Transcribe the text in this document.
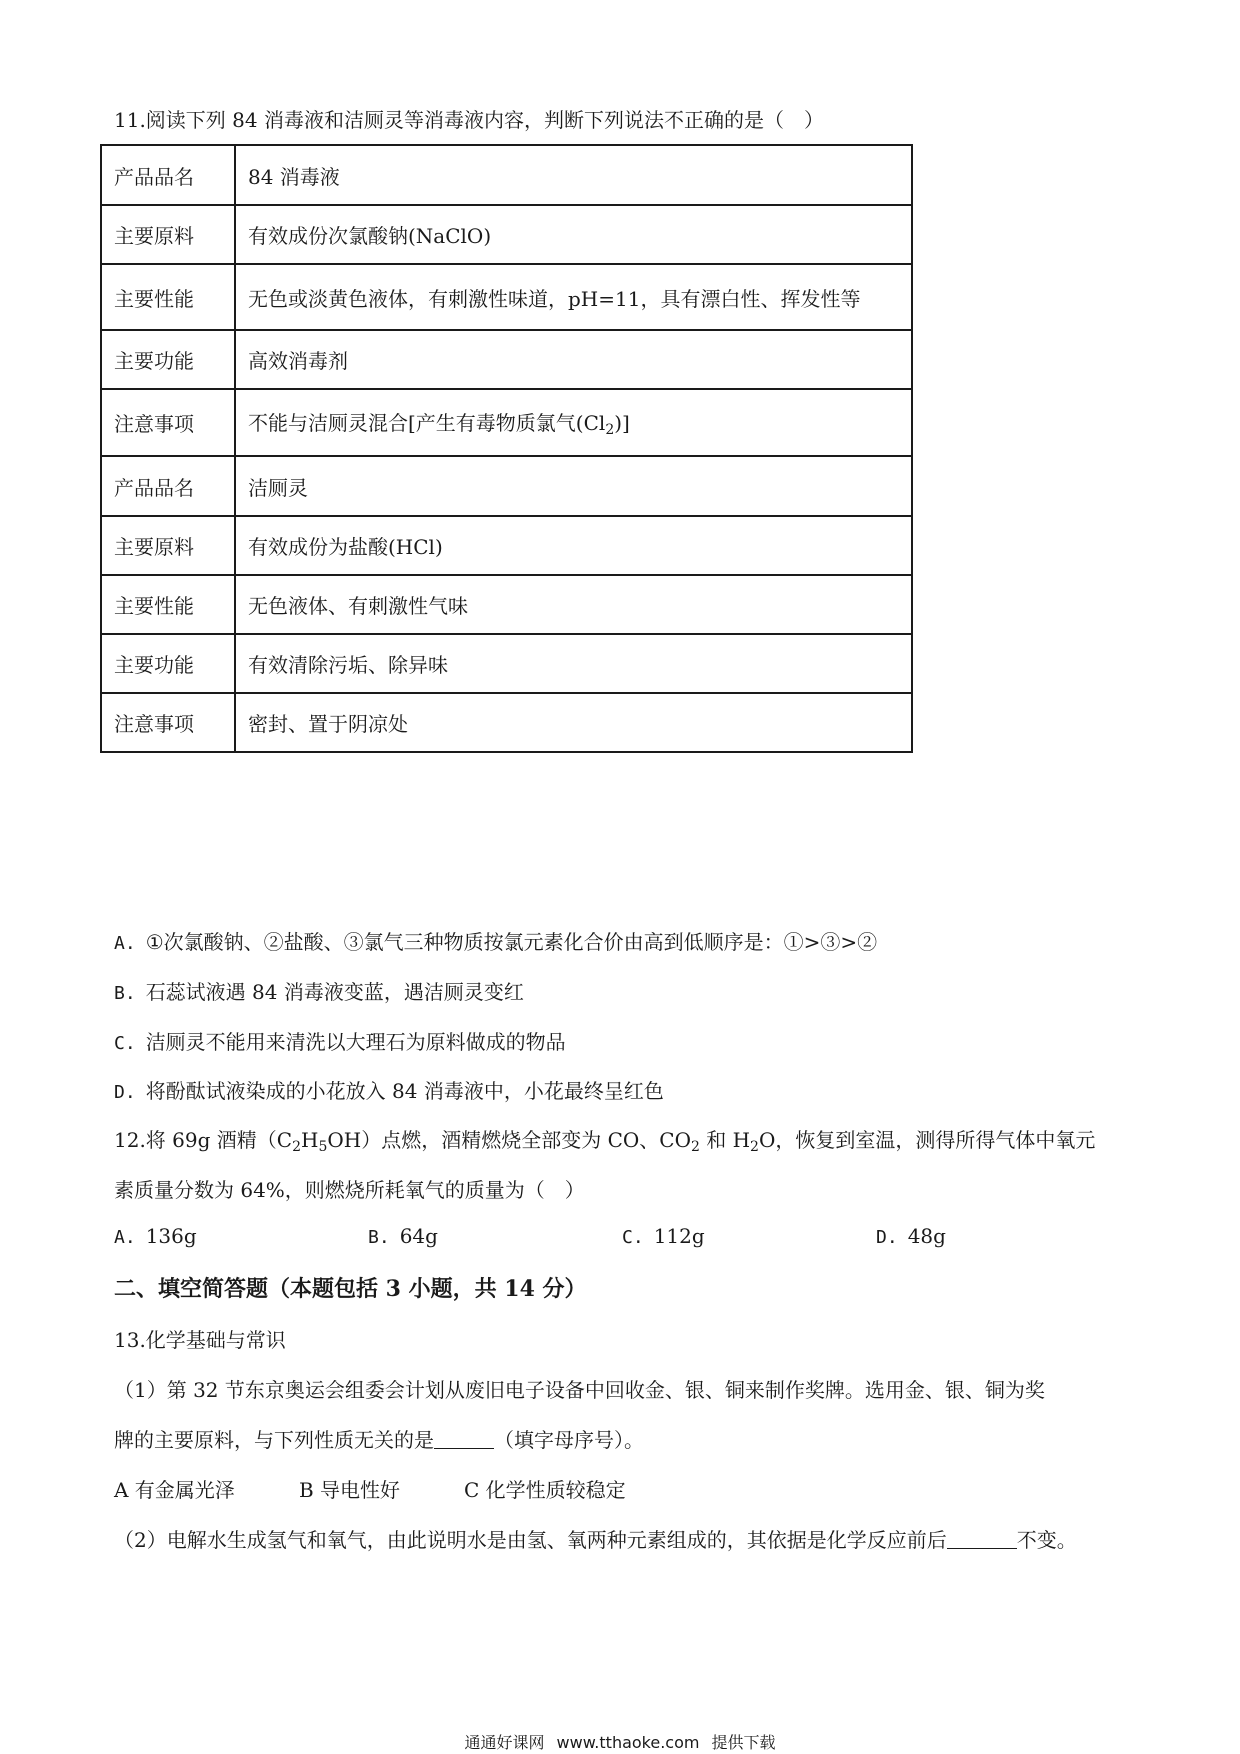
11.阅读下列 84 消毒液和洁厕灵等消毒液内容，判断下列说法不正确的是（　）
产品品名	84 消毒液
主要原料	有效成份次氯酸钠(NaClO)
主要性能	无色或淡黄色液体，有刺激性味道，pH=11，具有漂白性、挥发性等
主要功能	高效消毒剂
注意事项	不能与洁厕灵混合[产生有毒物质氯气$(Cl_2)$]
产品品名	洁厕灵
主要原料	有效成份为盐酸(HCl)
主要性能	无色液体、有刺激性气味
主要功能	有效清除污垢、除异味
注意事项	密封、置于阴凉处
A. ①次氯酸钠、②盐酸、③氯气三种物质按氯元素化合价由高到低顺序是：①>③>②
B. 石蕊试液遇 84 消毒液变蓝，遇洁厕灵变红
C. 洁厕灵不能用来清洗以大理石为原料做成的物品
D. 将酚酞试液染成的小花放入 84 消毒液中，小花最终呈红色
12.将 69g 酒精$(C_2H_5OH)$点燃，酒精燃烧全部变为 CO、$CO_2$ 和 $H_2O$，恢复到室温，测得所得气体中氧元
素质量分数为 64%，则燃烧所耗氧气的质量为（　）
A. 136g	B. 64g	C. 112g	D. 48g
二、填空简答题（本题包括 3 小题，共 14 分）
13.化学基础与常识
（1）第 32 节东京奥运会组委会计划从废旧电子设备中回收金、银、铜来制作奖牌。选用金、银、铜为奖
牌的主要原料，与下列性质无关的是	（填字母序号）。
A 有金属光泽	B 导电性好	C 化学性质较稳定
（2）电解水生成氢气和氧气，由此说明水是由氢、氧两种元素组成的，其依据是化学反应前后	不变。
通通好课网 www.tthaoke.com 提供下载
